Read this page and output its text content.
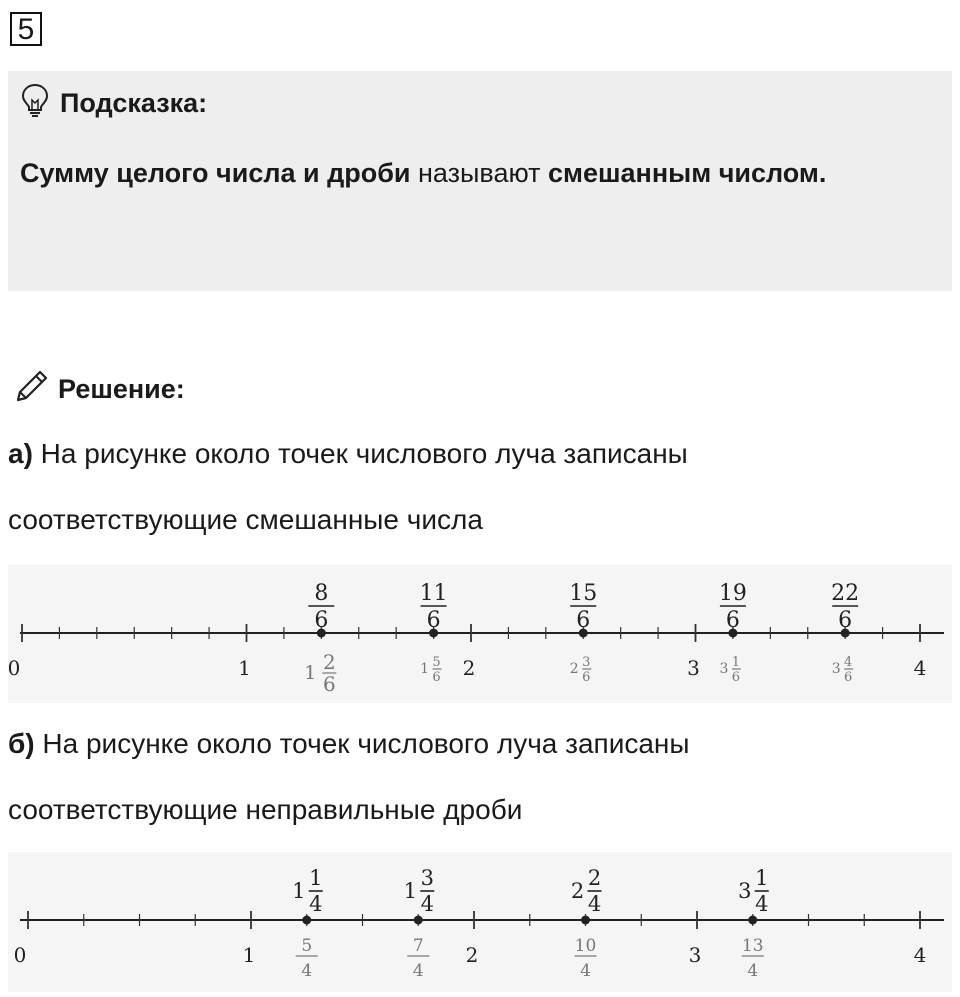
5
Подсказка:
Сумму целого числа и дроби называют смешанным числом.
Решение:
а) На рисунке около точек числового луча записаны
соответствующие смешанные числа
0	1	2	3	4
8
6
1 2
6
11
6
1 5
6
15
6
2 3
6
19
6
3 1
6
22
6
3 4
6
б) На рисунке около точек числового луча записаны
соответствующие неправильные дроби
0	1	2	3	4
1
1
4
5
4
1
3
4
7
4
2
2
4
10
4
3
1
4
13
4
